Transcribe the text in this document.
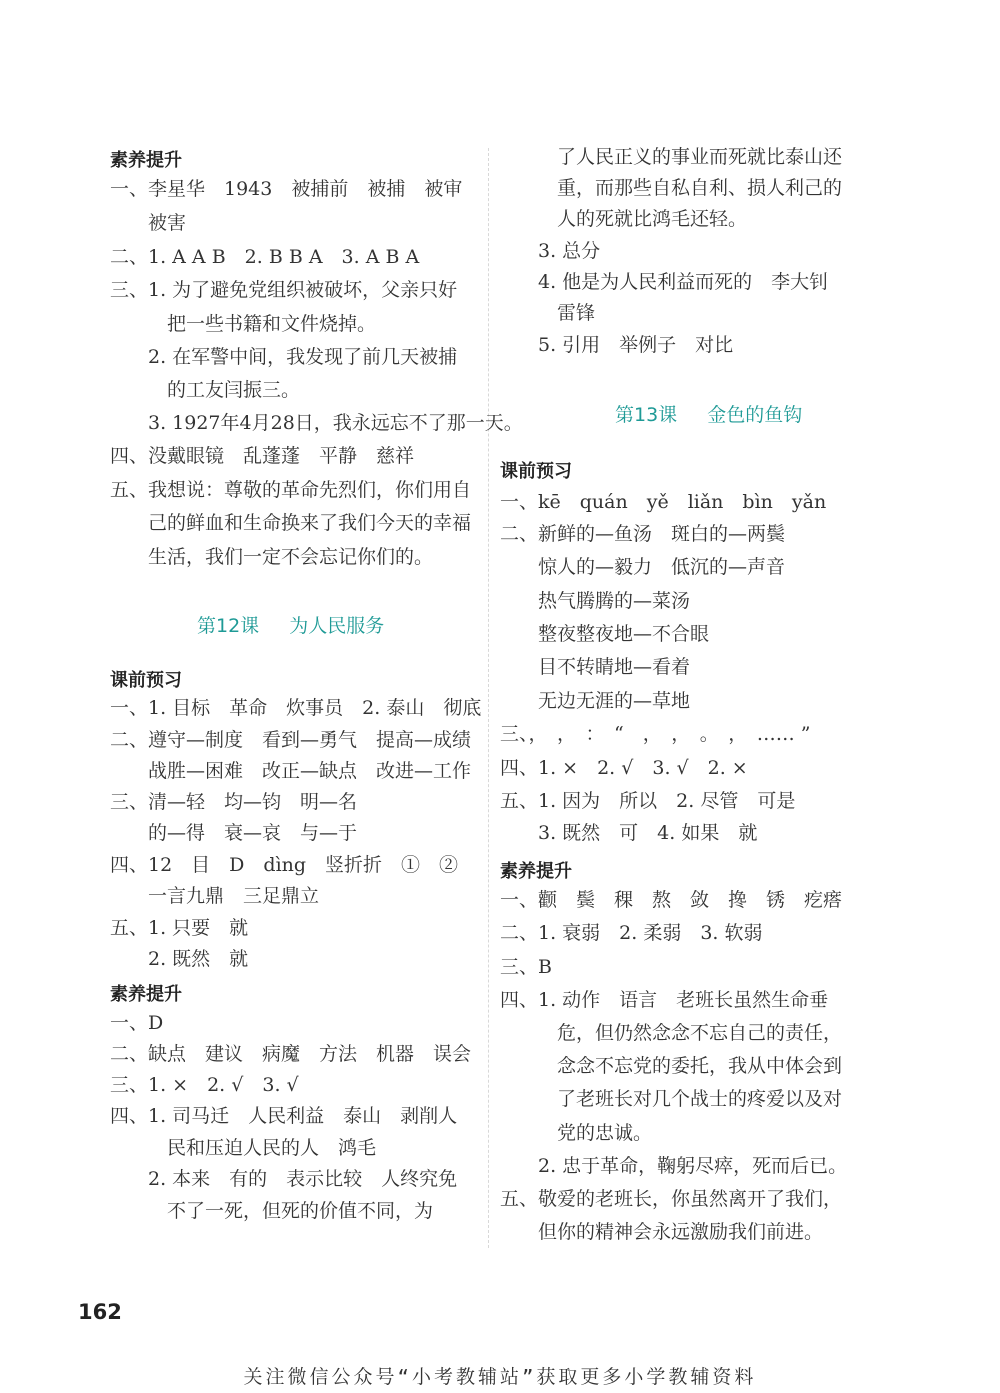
素养提升
一、李星华　1943　被捕前　被捕　被审
　　被害
二、1. A A B　2. B B A　3. A B A
三、1. 为了避免党组织被破坏，父亲只好
　　　把一些书籍和文件烧掉。
　　2. 在军警中间，我发现了前几天被捕
　　　的工友闫振三。
　　3. 1927年4月28日，我永远忘不了那一天。
四、没戴眼镜　乱蓬蓬　平静　慈祥
五、我想说：尊敬的革命先烈们，你们用自
　　己的鲜血和生命换来了我们今天的幸福
　　生活，我们一定不会忘记你们的。
第12课 为人民服务
课前预习
一、1. 目标　革命　炊事员　2. 泰山　彻底
二、遵守—制度　看到—勇气　提高—成绩
　　战胜—困难　改正—缺点　改进—工作
三、清—轻　均—钧　明—名
　　的—得　衰—哀　与—于
四、12　目　D　dìng　竖折折　①　②
　　一言九鼎　三足鼎立
五、1. 只要　就
　　2. 既然　就
素养提升
一、D
二、缺点　建议　病魔　方法　机器　误会
三、1. ×　2. √　3. √
四、1. 司马迁　人民利益　泰山　剥削人
　　　民和压迫人民的人　鸿毛
　　2. 本来　有的　表示比较　人终究免
　　　不了一死，但死的价值不同，为
　　　了人民正义的事业而死就比泰山还
　　　重，而那些自私自利、损人利己的
　　　人的死就比鸿毛还轻。
　　3. 总分
　　4. 他是为人民利益而死的　李大钊
　　　雷锋
　　5. 引用　举例子　对比
第13课 金色的鱼钩
课前预习
一、kē　quán　yě　liǎn　bìn　yǎn
二、新鲜的—鱼汤　斑白的—两鬓
　　惊人的—毅力　低沉的—声音
　　热气腾腾的—菜汤
　　整夜整夜地—不合眼
　　目不转睛地—看着
　　无边无涯的—草地
三、，　，　：　“　，　，　。　，　…… ”
四、1. ×　2. √　3. √　2. ×
五、1. 因为　所以　2. 尽管　可是
　　3. 既然　可　4. 如果　就
素养提升
一、颧　鬓　稞　熬　敛　搀　锈　疙瘩
二、1. 衰弱　2. 柔弱　3. 软弱
三、B
四、1. 动作　语言　老班长虽然生命垂
　　　危，但仍然念念不忘自己的责任，
　　　念念不忘党的委托，我从中体会到
　　　了老班长对几个战士的疼爱以及对
　　　党的忠诚。
　　2. 忠于革命，鞠躬尽瘁，死而后已。
五、敬爱的老班长，你虽然离开了我们，
　　但你的精神会永远激励我们前进。
162
关注微信公众号“小考教辅站”获取更多小学教辅资料
